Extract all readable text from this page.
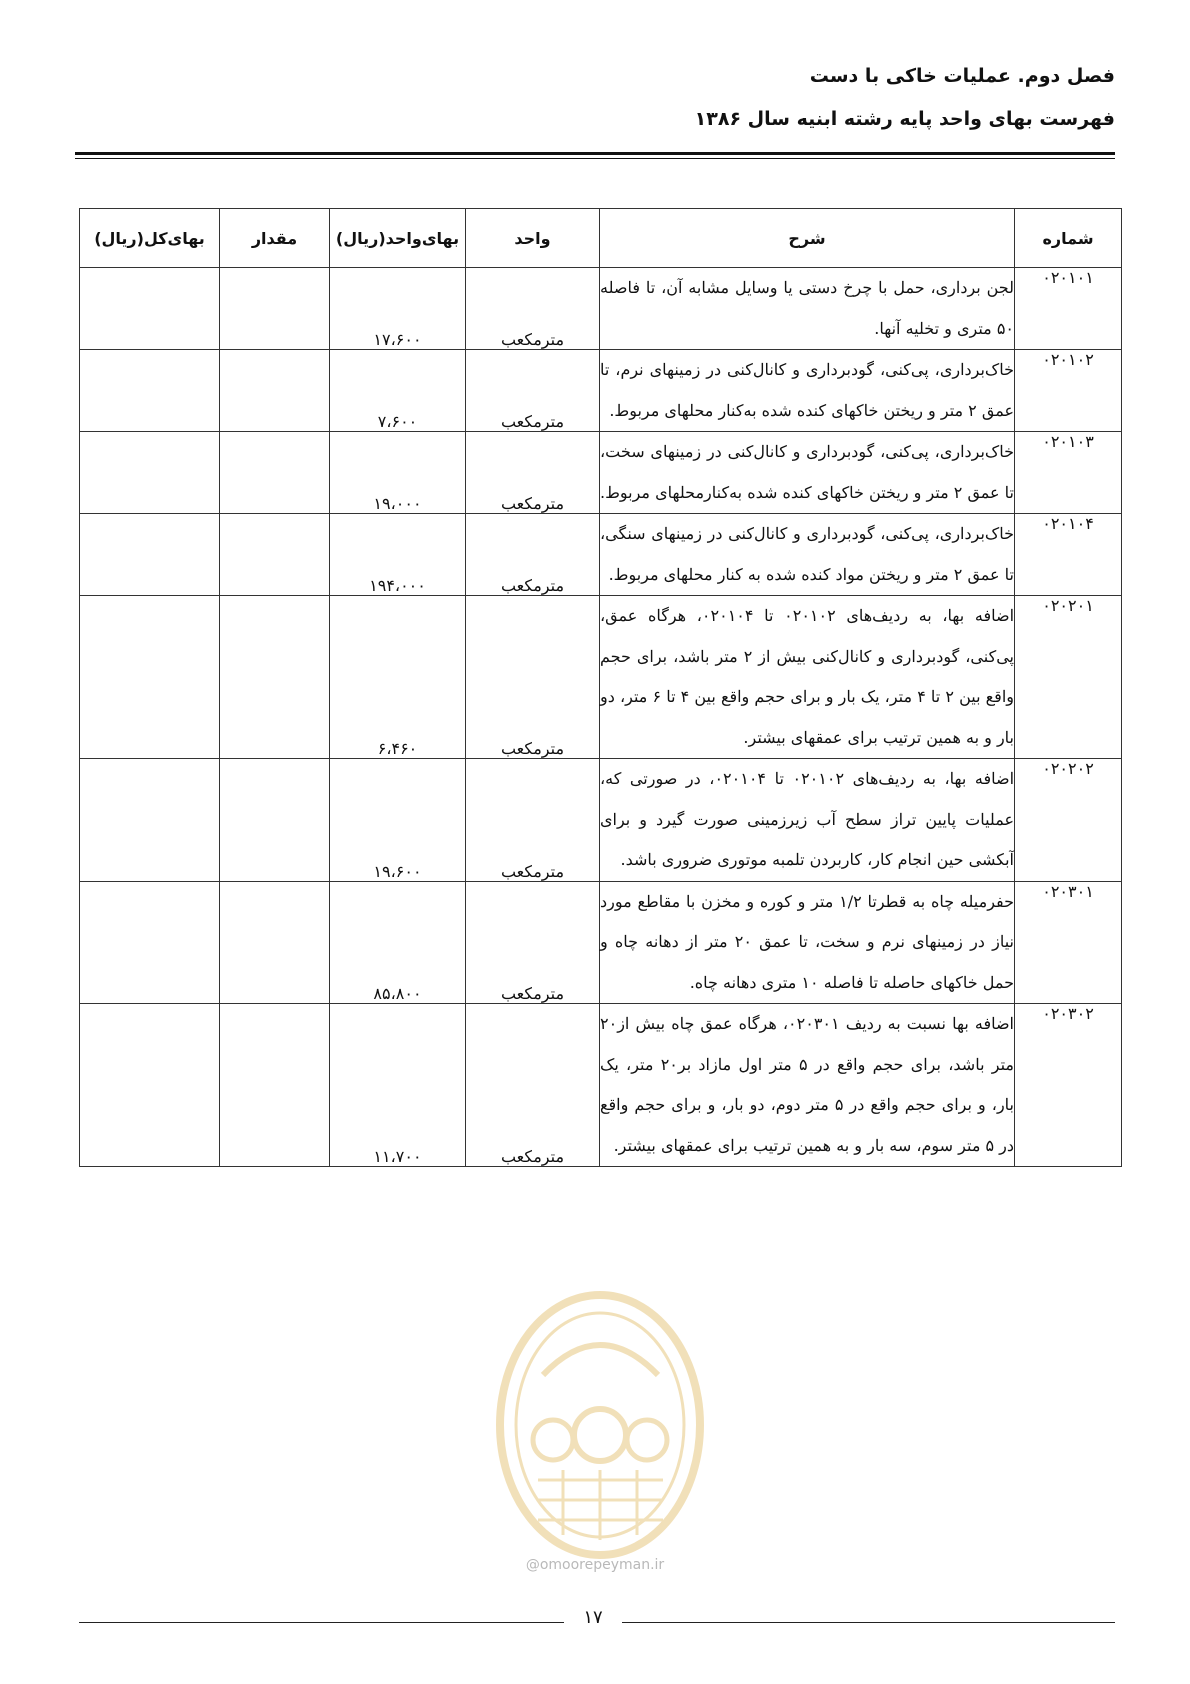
فصل دوم. عملیات خاکی با دست
فهرست بهای واحد پایه رشته ابنیه سال ۱۳۸۶
شماره	شرح	واحد	بهای‌واحد(ریال)	مقدار	بهای‌کل(ریال)
۰۲۰۱۰۱	لجن برداری، حمل با چرخ دستی یا وسایل مشابه آن، تا فاصله ۵۰ متری و تخلیه آنها.	مترمکعب	۱۷،۶۰۰		
۰۲۰۱۰۲	خاک‌برداری، پی‌کنی، گودبرداری و کانال‌کنی در زمینهای نرم، تا عمق ۲ متر و ریختن خاکهای کنده شده به‌کنار محلهای مربوط.	مترمکعب	۷،۶۰۰		
۰۲۰۱۰۳	خاک‌برداری، پی‌کنی، گودبرداری و کانال‌کنی در زمینهای سخت، تا عمق ۲ متر و ریختن خاکهای کنده شده به‌کنارمحلهای مربوط.	مترمکعب	۱۹،۰۰۰		
۰۲۰۱۰۴	خاک‌برداری، پی‌کنی، گودبرداری و کانال‌کنی در زمینهای سنگی، تا عمق ۲ متر و ریختن مواد کنده شده به کنار محلهای مربوط.	مترمکعب	۱۹۴،۰۰۰		
۰۲۰۲۰۱	اضافه بها، به ردیف‌های ۰۲۰۱۰۲ تا ۰۲۰۱۰۴، هرگاه عمق، پی‌کنی، گودبرداری و کانال‌کنی بیش از ۲ متر باشد، برای حجم واقع بین ۲ تا ۴ متر، یک بار و برای حجم واقع بین ۴ تا ۶ متر، دو بار و به همین ترتیب برای عمقهای بیشتر.	مترمکعب	۶،۴۶۰		
۰۲۰۲۰۲	اضافه بها، به ردیف‌های ۰۲۰۱۰۲ تا ۰۲۰۱۰۴، در صورتی که، عملیات پایین تراز سطح آب زیرزمینی صورت گیرد و برای آبکشی حین انجام کار، کاربردن تلمبه موتوری ضروری باشد.	مترمکعب	۱۹،۶۰۰		
۰۲۰۳۰۱	حفرمیله چاه به قطرتا ۱/۲ متر و کوره و مخزن با مقاطع مورد نیاز در زمینهای نرم و سخت، تا عمق ۲۰ متر از دهانه چاه و حمل خاکهای حاصله تا فاصله ۱۰ متری دهانه چاه.	مترمکعب	۸۵،۸۰۰		
۰۲۰۳۰۲	اضافه بها نسبت به ردیف ۰۲۰۳۰۱، هرگاه عمق چاه بیش از۲۰ متر باشد، برای حجم واقع در ۵ متر اول مازاد بر۲۰ متر، یک بار، و برای حجم واقع در ۵ متر دوم، دو بار، و برای حجم واقع در ۵ متر سوم، سه بار و به همین ترتیب برای عمقهای بیشتر.	مترمکعب	۱۱،۷۰۰		
@omoorepeyman.ir
۱۷
